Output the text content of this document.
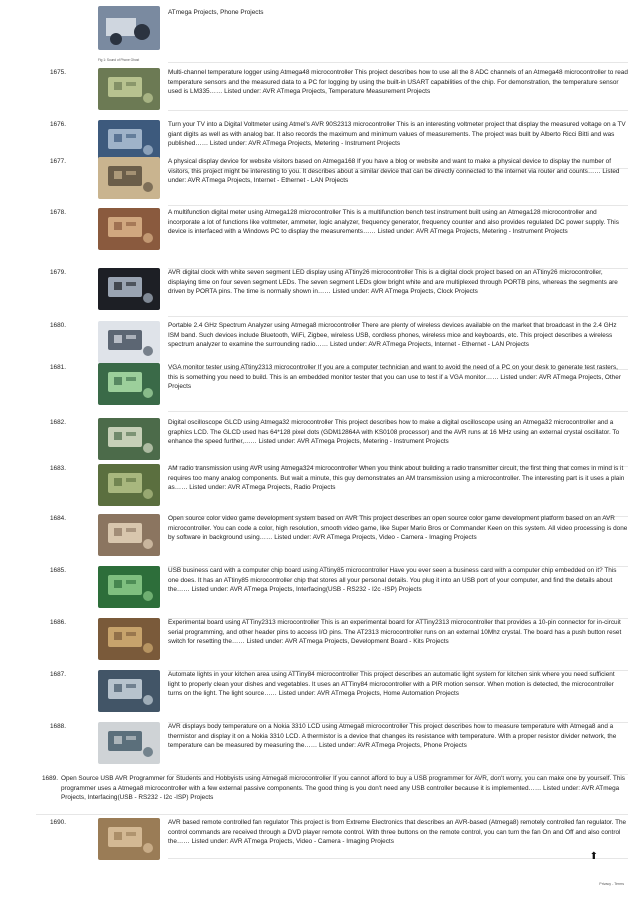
ATmega Projects, Phone Projects
Fig 1: Sound of Phone Ghost
1675.	Multi-channel temperature logger using Atmega48 microcontroller This project describes how to use all the 8 ADC channels of an Atmega48 microcontroller to read temperature sensors and the measured data to a PC for logging by using the built-in USART capabilities of the chip. For demonstration, the temperature sensor used is LM335…… Listed under: AVR ATmega Projects, Temperature Measurement Projects
1676.	Turn your TV into a Digital Voltmeter using Atmel's AVR 90S2313 microcontroller This is an interesting voltmeter project that display the measured voltage on a TV giant digits as well as with analog bar. It also records the maximum and minimum values of measurements. The project was built by Alberto Ricci Bitti and was published…… Listed under: AVR ATmega Projects, Metering - Instrument Projects
1677.	A physical display device for website visitors based on Atmega168 If you have a blog or website and want to make a physical device to display the number of visitors, this project might be interesting to you. It describes about a similar device that can be directly connected to the internet via router and counts…… Listed under: AVR ATmega Projects, Internet - Ethernet - LAN Projects
1678.	A multifunction digital meter using Atmega128 microcontroller This is a multifunction bench test instrument built using an Atmega128 microcontroller and incorporate a lot of functions like voltmeter, ammeter, logic analyzer, frequency generator, frequency counter and also provides regulated DC power supply. This device is interfaced with a Windows PC to display the measurements…… Listed under: AVR ATmega Projects, Metering - Instrument Projects
1679.	AVR digital clock with white seven segment LED display using ATtiny26 microcontroller This is a digital clock project based on an ATtiny26 microcontroller, displaying time on four seven segment LEDs. The seven segment LEDs glow bright white and are multiplexed through PORTB pins, whereas the segments are driven by PORTA pins. The time is normally shown in…… Listed under: AVR ATmega Projects, Clock Projects
1680.	Portable 2.4 GHz Spectrum Analyzer using Atmega8 microcontroller There are plenty of wireless devices available on the market that broadcast in the 2.4 GHz ISM band. Such devices include Bluetooth, WiFi, Zigbee, wireless USB, cordless phones, wireless mice and keyboards, etc. This project describes a wireless spectrum analyzer to examine the surrounding radio…… Listed under: AVR ATmega Projects, Internet - Ethernet - LAN Projects
1681.	VGA monitor tester using ATtiny2313 microcontroller If you are a computer technician and want to avoid the need of a PC on your desk to generate test rasters, this is something you need to build. This is an embedded monitor tester that you can use to test if a VGA monitor…… Listed under: AVR ATmega Projects, Other Projects
1682.	Digital oscilloscope GLCD using Atmega32 microcontroller This project describes how to make a digital oscilloscope using an Atmega32 microcontroller and a graphics LCD. The GLCD used has 64*128 pixel dots (GDM12864A with KS0108 processor) and the AVR runs at 16 MHz using an external crystal oscillator. To enhance the speed further,…… Listed under: AVR ATmega Projects, Metering - Instrument Projects
1683.	AM radio transmission using AVR using Atmega324 microcontroller When you think about building a radio transmitter circuit, the first thing that comes in mind is it requires too many analog components. But wait a minute, this guy demonstrates an AM transmission using a microcontroller. The interesting part is it uses a plain as…… Listed under: AVR ATmega Projects, Radio Projects
1684.	Open source color video game development system based on AVR This project describes an open source color game development platform based on an AVR microcontroller. You can code a color, high resolution, smooth video game, like Super Mario Bros or Commander Keen on this system. All video processing is done by software in background using…… Listed under: AVR ATmega Projects, Video - Camera - Imaging Projects
1685.	USB business card with a computer chip board using ATtiny85 microcontroller Have you ever seen a business card with a computer chip embedded on it? This one does. It has an ATtiny85 microcontroller chip that stores all your personal details. You plug it into an USB port of your computer, and find the details about the…… Listed under: AVR ATmega Projects, Interfacing(USB - RS232 - I2c -ISP) Projects
1686.	Experimental board using ATTiny2313 microcontroller This is an experimental board for ATTiny2313 microcontroller that provides a 10-pin connector for in-circuit serial programming, and other header pins to access I/O pins. The AT2313 microcontroller runs on an external 10Mhz crystal. The board has a push button reset switch for resetting the…… Listed under: AVR ATmega Projects, Development Board - Kits Projects
1687.	Automate lights in your kitchen area using ATTiny84 microcontroller This project describes an automatic light system for kitchen sink where you need sufficient light to properly clean your dishes and vegetables. It uses an ATTiny84 microcontroller with a PIR motion sensor. When motion is detected, the microcontroller turns on the light. The light source…… Listed under: AVR ATmega Projects, Home Automation Projects
1688.	AVR displays body temperature on a Nokia 3310 LCD using Atmega8 microcontroller This project describes how to measure temperature with Atmega8 and a thermistor and display it on a Nokia 3310 LCD. A thermistor is a device that changes its resistance with temperature. With a proper resistor divider network, the temperature can be measured by measuring the…… Listed under: AVR ATmega Projects, Phone Projects
1689. Open Source USB AVR Programmer for Students and Hobbyists using Atmega8 microcontroller If you cannot afford to buy a USB programmer for AVR, don't worry, you can make one by yourself. This programmer uses a Atmega8 microcontroller with a few external passive components. The good thing is you don't need any USB controller because it is implemented…… Listed under: AVR ATmega Projects, Interfacing(USB - RS232 - I2c -ISP) Projects
1690.	AVR based remote controlled fan regulator This project is from Extreme Electronics that describes an AVR-based (Atmega8) remotely controlled fan regulator. The control commands are received through a DVD player remote control. With three buttons on the remote control, you can turn the fan On and Off and also control the…… Listed under: AVR ATmega Projects, Video - Camera - Imaging Projects
⬆
Privacy - Terms
